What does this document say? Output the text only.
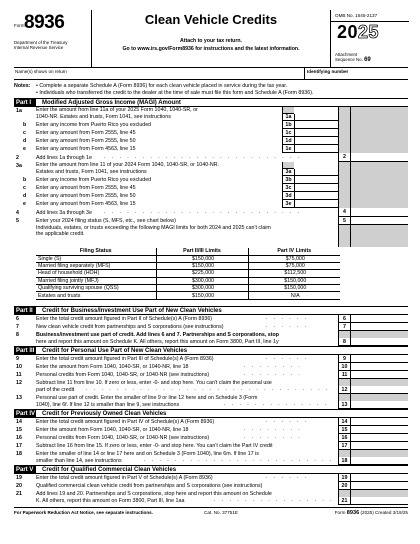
Form 8936
Department of the Treasury
Internal Revenue Service
Clean Vehicle Credits
Attach to your tax return.
Go to www.irs.gov/Form8936 for instructions and the latest information.
OMB No. 1545-2137
2025
Attachment
Sequence No. 69
Name(s) shown on return	Identifying number
Notes: • Complete a separate Schedule A (Form 8936) for each clean vehicle placed in service during the tax year.
• Individuals who transferred the credit to the dealer at the time of sale must file this form and Schedule A (Form 8936).
Part I	Modified Adjusted Gross Income (MAGI) Amount
1a	Enter the amount from line 11a of your 2025 Form 1040, 1040-SR, or
1040-NR. Estates and trusts, Form 1041, see instructions	1a
b Enter any income from Puerto Rico you excluded	1b
c Enter any amount from Form 2555, line 45	1c
d Enter any amount from Form 2555, line 50	1d
e Enter any amount from Form 4563, line 15	1e
2	Add lines 1a through 1e . . . . . . . . . . . . . . . . . . . . . . . . . .	2
3a	Enter the amount from line 11 of your 2024 Form 1040, 1040-SR, or 1040-NR.
Estates and trusts, Form 1041, see instructions	3a
b Enter any income from Puerto Rico you excluded	3b
c Enter any amount from Form 2555, line 45	3c
d Enter any amount from Form 2555, line 50	3d
e Enter any amount from Form 4563, line 15	3e
4	Add lines 3a through 3e . . . . . . . . . . . . . . . . . . . . . . . . . .	4
5	Enter your 2024 filing status (S, MFS, etc., see chart below)
Individuals, estates, or trusts exceeding the following MAGI limits for both 2024 and 2025 can't claim
the applicable credit.
5
Filing Status	Part II/III Limits	Part IV Limits
Single (S)	$150,000	$75,000
Married filing separately (MFS)	$150,000	$75,000
Head of household (HOH)	$225,000	$112,500
Married filing jointly (MFJ)	$300,000	$150,000
Qualifying surviving spouse (QSS)	$300,000	$150,000
Estates and trusts	$150,000	N/A
Part II	Credit for Business/Investment Use Part of New Clean Vehicles
6	Enter the total credit amount figured in Part II of Schedule(s) A (Form 8936)	. . . . . .	6
7	New clean vehicle credit from partnerships and S corporations (see instructions)	. . . . . .	7
8	Business/investment use part of credit. Add lines 6 and 7. Partnerships and S corporations, stop
here and report this amount on Schedule K. All others, report this amount on Form 3800, Part III, line 1y	8
Part III Credit for Personal Use Part of New Clean Vehicles
9	Enter the total credit amount figured in Part III of Schedule(s) A (Form 8936)	. . . . . .	9
10	Enter the amount from Form 1040, 1040-SR, or 1040-NR, line 18	. . . . . . . .	10
11	Personal credits from Form 1040, 1040-SR, or 1040-NR (see instructions)	. . . . . . . .	11
12	Subtract line 11 from line 10. If zero or less, enter -0- and stop here. You can't claim the personal use
part of the credit	. . . . . . . . . . . . . . . . . . . . . . . . . . . . . . . .	12
13	Personal use part of credit. Enter the smaller of line 9 or line 12 here and on Schedule 3 (Form
1040), line 6f. If line 12 is smaller than line 9, see instructions	. . . . . . . . . . . . . .	13
Part IV Credit for Previously Owned Clean Vehicles
14	Enter the total credit amount figured in Part IV of Schedule(s) A (Form 8936)	. . . . . .	14
15	Enter the amount from Form 1040, 1040-SR, or 1040-NR, line 18	. . . . . . . .	15
16	Personal credits from Form 1040, 1040-SR, or 1040-NR (see instructions)	. . . . . . . .	16
17	Subtract line 16 from line 15. If zero or less, enter -0- and stop here. You can't claim the Part IV credit	17
18	Enter the smaller of line 14 or line 17 here and on Schedule 3 (Form 1040), line 6m. If line 17 is
smaller than line 14, see instructions	. . . . . . . . . . . . . . . . . . . . . . . . .	18
Part V	Credit for Qualified Commercial Clean Vehicles
19	Enter the total credit amount figured in Part V of Schedule(s) A (Form 8936)	. . . . . .	19
20	Qualified commercial clean vehicle credit from partnerships and S corporations (see instructions)	20
21	Add lines 19 and 20. Partnerships and S corporations, stop here and report this amount on Schedule
K. All others, report this amount on Form 3800, Part III, line 1aa	. . . . . . . . . . . . . . . .	21
For Paperwork Reduction Act Notice, see separate instructions.	Cat. No. 37751E	Form 8936 (2025) Created 3/19/25
